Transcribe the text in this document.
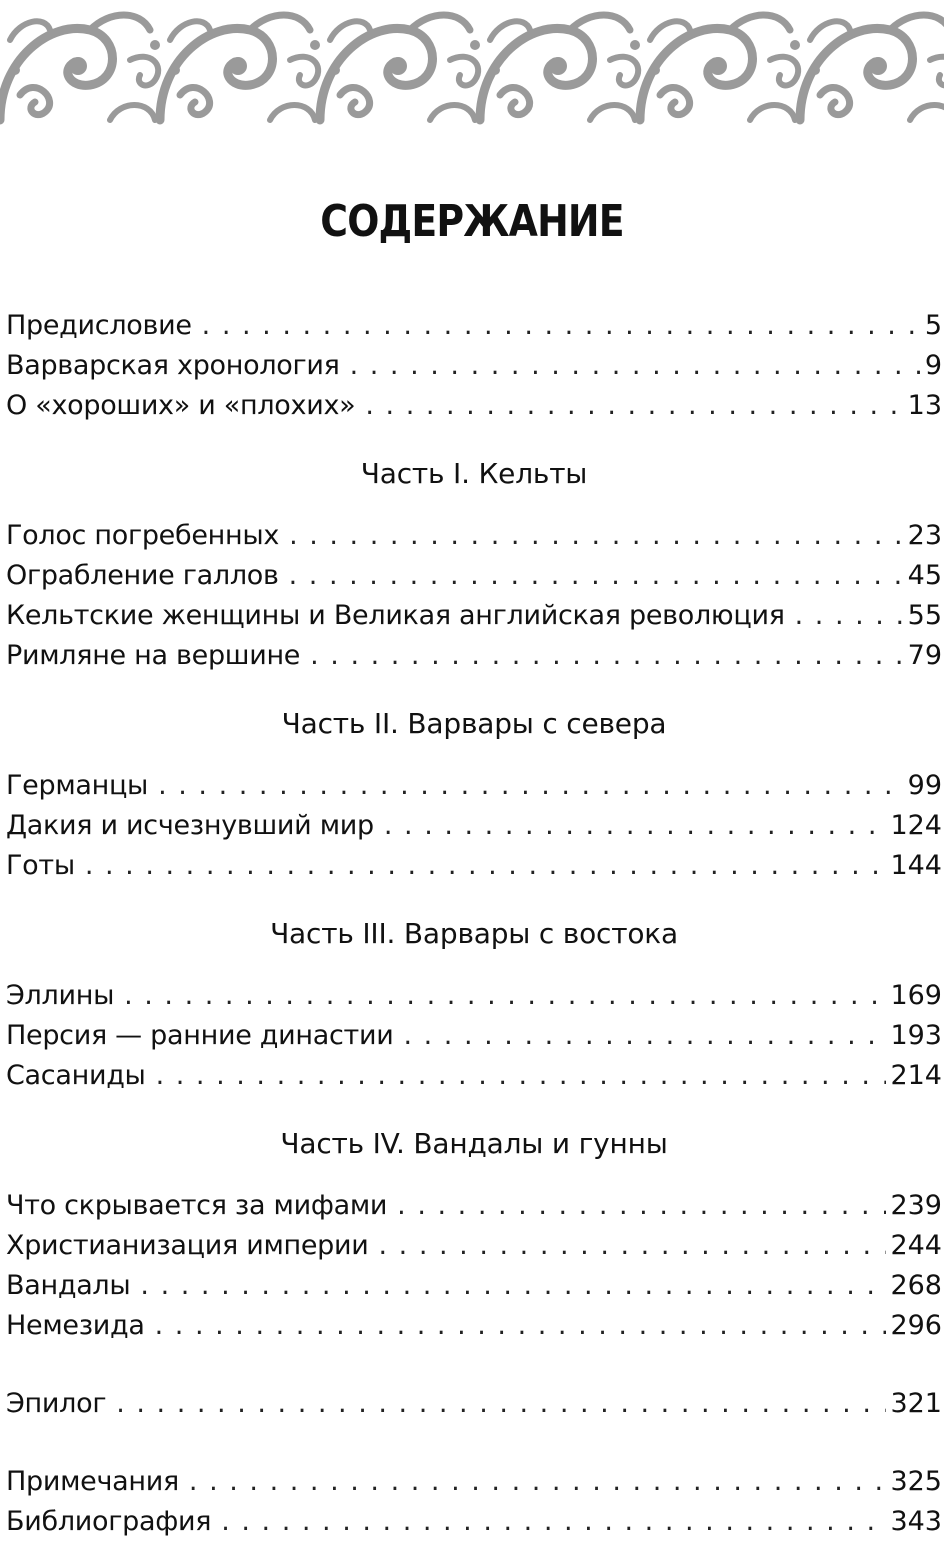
СОДЕРЖАНИЕ
Предисловие . . .	5
Варварская хронология . . .	9
О «хороших» и «плохих» . . .	13
Часть I. Кельты
Голос погребенных . . .	23
Ограбление галлов . . .	45
Кельтские женщины и Великая английская революция . . .	55
Римляне на вершине . . .	79
Часть II. Варвары с севера
Германцы . . .	99
Дакия и исчезнувший мир . . .	124
Готы . . .	144
Часть III. Варвары с востока
Эллины . . .	169
Персия — ранние династии . . .	193
Сасаниды . . .	214
Часть IV. Вандалы и гунны
Что скрывается за мифами . . .	239
Христианизация империи . . .	244
Вандалы . . .	268
Немезида . . .	296
Эпилог . . .	321
Примечания . . .	325
Библиография . . .	343
